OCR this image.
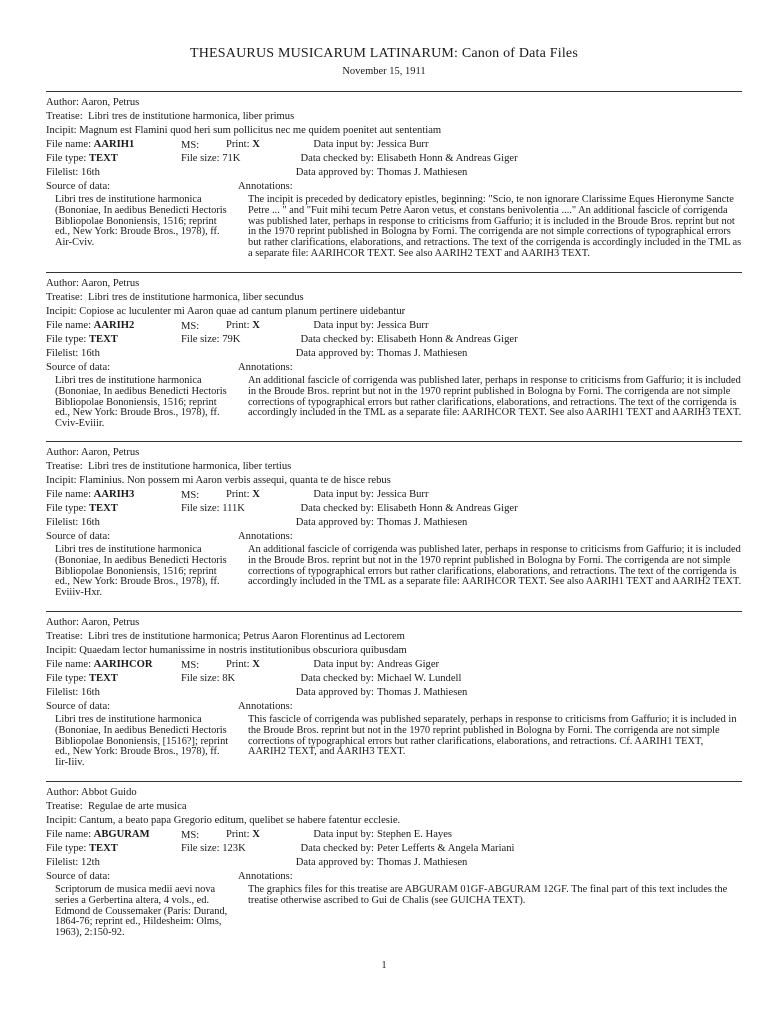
THESAURUS MUSICARUM LATINARUM: Canon of Data Files
November 15, 1911
Author: Aaron, Petrus
Treatise: Libri tres de institutione harmonica, liber primus
Incipit: Magnum est Flamini quod heri sum pollicitus nec me quidem poenitet aut sententiam
File name: AARIH1	MS:	Print: X	Data input by: Jessica Burr
File type: TEXT	File size: 71K	Data checked by: Elisabeth Honn & Andreas Giger
Filelist: 16th	Data approved by: Thomas J. Mathiesen
Source of data:	Annotations:
Libri tres de institutione harmonica (Bononiae, In aedibus Benedicti Hectoris Bibliopolae Bononiensis, 1516; reprint ed., New York: Broude Bros., 1978), ff. Air-Cviv.
The incipit is preceded by dedicatory epistles, beginning: "Scio, te non ignorare Clarissime Eques Hieronyme Sancte Petre ... " and "Fuit mihi tecum Petre Aaron vetus, et constans benivolentia ...." An additional fascicle of corrigenda was published later, perhaps in response to criticisms from Gaffurio; it is included in the Broude Bros. reprint but not in the 1970 reprint published in Bologna by Forni. The corrigenda are not simple corrections of typographical errors but rather clarifications, elaborations, and retractions. The text of the corrigenda is accordingly included in the TML as a separate file: AARIHCOR TEXT. See also AARIH2 TEXT and AARIH3 TEXT.
Author: Aaron, Petrus
Treatise: Libri tres de institutione harmonica, liber secundus
Incipit: Copiose ac luculenter mi Aaron quae ad cantum planum pertinere uidebantur
File name: AARIH2	MS:	Print: X	Data input by: Jessica Burr
File type: TEXT	File size: 79K	Data checked by: Elisabeth Honn & Andreas Giger
Filelist: 16th	Data approved by: Thomas J. Mathiesen
Source of data:	Annotations:
Libri tres de institutione harmonica (Bononiae, In aedibus Benedicti Hectoris Bibliopolae Bononiensis, 1516; reprint ed., New York: Broude Bros., 1978), ff. Cviv-Eviiir.
An additional fascicle of corrigenda was published later, perhaps in response to criticisms from Gaffurio; it is included in the Broude Bros. reprint but not in the 1970 reprint published in Bologna by Forni. The corrigenda are not simple corrections of typographical errors but rather clarifications, elaborations, and retractions. The text of the corrigenda is accordingly included in the TML as a separate file: AARIHCOR TEXT. See also AARIH1 TEXT and AARIH3 TEXT.
Author: Aaron, Petrus
Treatise: Libri tres de institutione harmonica, liber tertius
Incipit: Flaminius. Non possem mi Aaron verbis assequi, quanta te de hisce rebus
File name: AARIH3	MS:	Print: X	Data input by: Jessica Burr
File type: TEXT	File size: 111K	Data checked by: Elisabeth Honn & Andreas Giger
Filelist: 16th	Data approved by: Thomas J. Mathiesen
Source of data:	Annotations:
Libri tres de institutione harmonica (Bononiae, In aedibus Benedicti Hectoris Bibliopolae Bononiensis, 1516; reprint ed., New York: Broude Bros., 1978), ff. Eviiiv-Hxr.
An additional fascicle of corrigenda was published later, perhaps in response to criticisms from Gaffurio; it is included in the Broude Bros. reprint but not in the 1970 reprint published in Bologna by Forni. The corrigenda are not simple corrections of typographical errors but rather clarifications, elaborations, and retractions. The text of the corrigenda is accordingly included in the TML as a separate file: AARIHCOR TEXT. See also AARIH1 TEXT and AARIH2 TEXT.
Author: Aaron, Petrus
Treatise: Libri tres de institutione harmonica; Petrus Aaron Florentinus ad Lectorem
Incipit: Quaedam lector humanissime in nostris institutionibus obscuriora quibusdam
File name: AARIHCOR	MS:	Print: X	Data input by: Andreas Giger
File type: TEXT	File size: 8K	Data checked by: Michael W. Lundell
Filelist: 16th	Data approved by: Thomas J. Mathiesen
Source of data:	Annotations:
Libri tres de institutione harmonica (Bononiae, In aedibus Benedicti Hectoris Bibliopolae Bononiensis, [1516?]; reprint ed., New York: Broude Bros., 1978), ff. Iir-Iiiv.
This fascicle of corrigenda was published separately, perhaps in response to criticisms from Gaffurio; it is included in the Broude Bros. reprint but not in the 1970 reprint published in Bologna by Forni. The corrigenda are not simple corrections of typographical errors but rather clarifications, elaborations, and retractions. Cf. AARIH1 TEXT, AARIH2 TEXT, and AARIH3 TEXT.
Author: Abbot Guido
Treatise: Regulae de arte musica
Incipit: Cantum, a beato papa Gregorio editum, quelibet se habere fatentur ecclesie.
File name: ABGURAM	MS:	Print: X	Data input by: Stephen E. Hayes
File type: TEXT	File size: 123K	Data checked by: Peter Lefferts & Angela Mariani
Filelist: 12th	Data approved by: Thomas J. Mathiesen
Source of data:	Annotations:
Scriptorum de musica medii aevi nova series a Gerbertina altera, 4 vols., ed. Edmond de Coussemaker (Paris: Durand, 1864-76; reprint ed., Hildesheim: Olms, 1963), 2:150-92.
The graphics files for this treatise are ABGURAM 01GF-ABGURAM 12GF. The final part of this text includes the treatise otherwise ascribed to Gui de Chalis (see GUICHA TEXT).
1
